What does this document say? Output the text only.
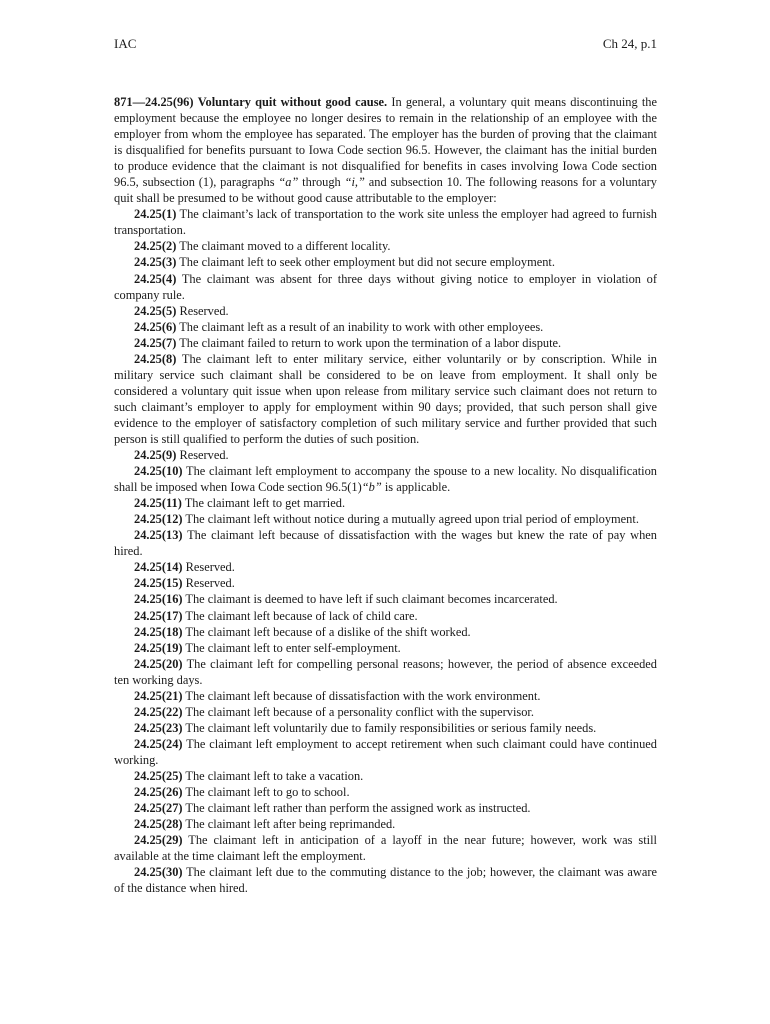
IAC	Ch 24, p.1

871—24.25(96) Voluntary quit without good cause. In general, a voluntary quit means discontinuing the employment because the employee no longer desires to remain in the relationship of an employee with the employer from whom the employee has separated. The employer has the burden of proving that the claimant is disqualified for benefits pursuant to Iowa Code section 96.5. However, the claimant has the initial burden to produce evidence that the claimant is not disqualified for benefits in cases involving Iowa Code section 96.5, subsection (1), paragraphs “a” through “i,” and subsection 10. The following reasons for a voluntary quit shall be presumed to be without good cause attributable to the employer:

24.25(1) The claimant’s lack of transportation to the work site unless the employer had agreed to furnish transportation.

24.25(2) The claimant moved to a different locality.

24.25(3) The claimant left to seek other employment but did not secure employment.

24.25(4) The claimant was absent for three days without giving notice to employer in violation of company rule.

24.25(5) Reserved.

24.25(6) The claimant left as a result of an inability to work with other employees.

24.25(7) The claimant failed to return to work upon the termination of a labor dispute.

24.25(8) The claimant left to enter military service, either voluntarily or by conscription. While in military service such claimant shall be considered to be on leave from employment. It shall only be considered a voluntary quit issue when upon release from military service such claimant does not return to such claimant’s employer to apply for employment within 90 days; provided, that such person shall give evidence to the employer of satisfactory completion of such military service and further provided that such person is still qualified to perform the duties of such position.

24.25(9) Reserved.

24.25(10) The claimant left employment to accompany the spouse to a new locality. No disqualification shall be imposed when Iowa Code section 96.5(1)“b” is applicable.

24.25(11) The claimant left to get married.

24.25(12) The claimant left without notice during a mutually agreed upon trial period of employment.

24.25(13) The claimant left because of dissatisfaction with the wages but knew the rate of pay when hired.

24.25(14) Reserved.

24.25(15) Reserved.

24.25(16) The claimant is deemed to have left if such claimant becomes incarcerated.

24.25(17) The claimant left because of lack of child care.

24.25(18) The claimant left because of a dislike of the shift worked.

24.25(19) The claimant left to enter self-employment.

24.25(20) The claimant left for compelling personal reasons; however, the period of absence exceeded ten working days.

24.25(21) The claimant left because of dissatisfaction with the work environment.

24.25(22) The claimant left because of a personality conflict with the supervisor.

24.25(23) The claimant left voluntarily due to family responsibilities or serious family needs.

24.25(24) The claimant left employment to accept retirement when such claimant could have continued working.

24.25(25) The claimant left to take a vacation.

24.25(26) The claimant left to go to school.

24.25(27) The claimant left rather than perform the assigned work as instructed.

24.25(28) The claimant left after being reprimanded.

24.25(29) The claimant left in anticipation of a layoff in the near future; however, work was still available at the time claimant left the employment.

24.25(30) The claimant left due to the commuting distance to the job; however, the claimant was aware of the distance when hired.
